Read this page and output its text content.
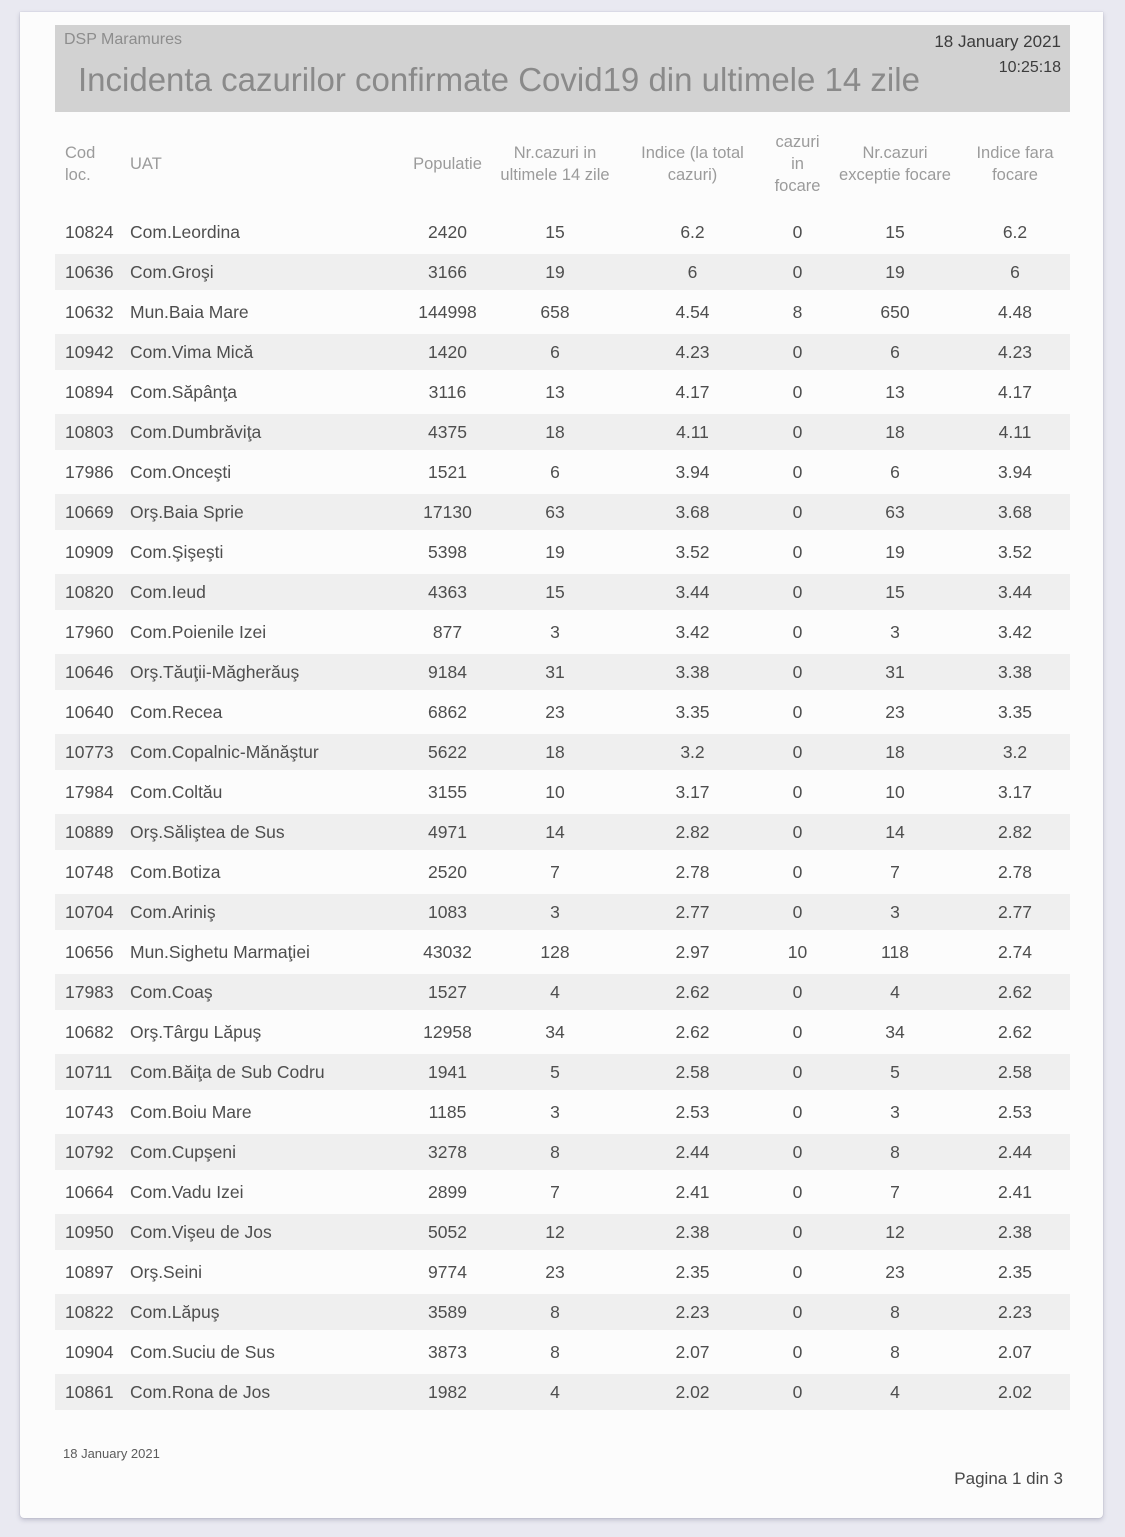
DSP Maramures
Incidenta cazurilor confirmate Covid19 din ultimele 14 zile
18 January 2021
10:25:18
Cod loc.	UAT	Populatie	Nr.cazuri in ultimele 14 zile	Indice (la total cazuri)	cazuri in focare	Nr.cazuri exceptie focare	Indice fara focare
10824	Com.Leordina	2420	15	6.2	0	15	6.2
10636	Com.Groşi	3166	19	6	0	19	6
10632	Mun.Baia Mare	144998	658	4.54	8	650	4.48
10942	Com.Vima Mică	1420	6	4.23	0	6	4.23
10894	Com.Săpânţa	3116	13	4.17	0	13	4.17
10803	Com.Dumbrăviţa	4375	18	4.11	0	18	4.11
17986	Com.Onceşti	1521	6	3.94	0	6	3.94
10669	Orş.Baia Sprie	17130	63	3.68	0	63	3.68
10909	Com.Şişeşti	5398	19	3.52	0	19	3.52
10820	Com.Ieud	4363	15	3.44	0	15	3.44
17960	Com.Poienile Izei	877	3	3.42	0	3	3.42
10646	Orş.Tăuţii-Măgherăuş	9184	31	3.38	0	31	3.38
10640	Com.Recea	6862	23	3.35	0	23	3.35
10773	Com.Copalnic-Mănăştur	5622	18	3.2	0	18	3.2
17984	Com.Coltău	3155	10	3.17	0	10	3.17
10889	Orş.Săliştea de Sus	4971	14	2.82	0	14	2.82
10748	Com.Botiza	2520	7	2.78	0	7	2.78
10704	Com.Ariniş	1083	3	2.77	0	3	2.77
10656	Mun.Sighetu Marmaţiei	43032	128	2.97	10	118	2.74
17983	Com.Coaş	1527	4	2.62	0	4	2.62
10682	Orş.Târgu Lăpuş	12958	34	2.62	0	34	2.62
10711	Com.Băiţa de Sub Codru	1941	5	2.58	0	5	2.58
10743	Com.Boiu Mare	1185	3	2.53	0	3	2.53
10792	Com.Cupşeni	3278	8	2.44	0	8	2.44
10664	Com.Vadu Izei	2899	7	2.41	0	7	2.41
10950	Com.Vişeu de Jos	5052	12	2.38	0	12	2.38
10897	Orş.Seini	9774	23	2.35	0	23	2.35
10822	Com.Lăpuş	3589	8	2.23	0	8	2.23
10904	Com.Suciu de Sus	3873	8	2.07	0	8	2.07
10861	Com.Rona de Jos	1982	4	2.02	0	4	2.02
18 January 2021
Pagina 1 din 3
